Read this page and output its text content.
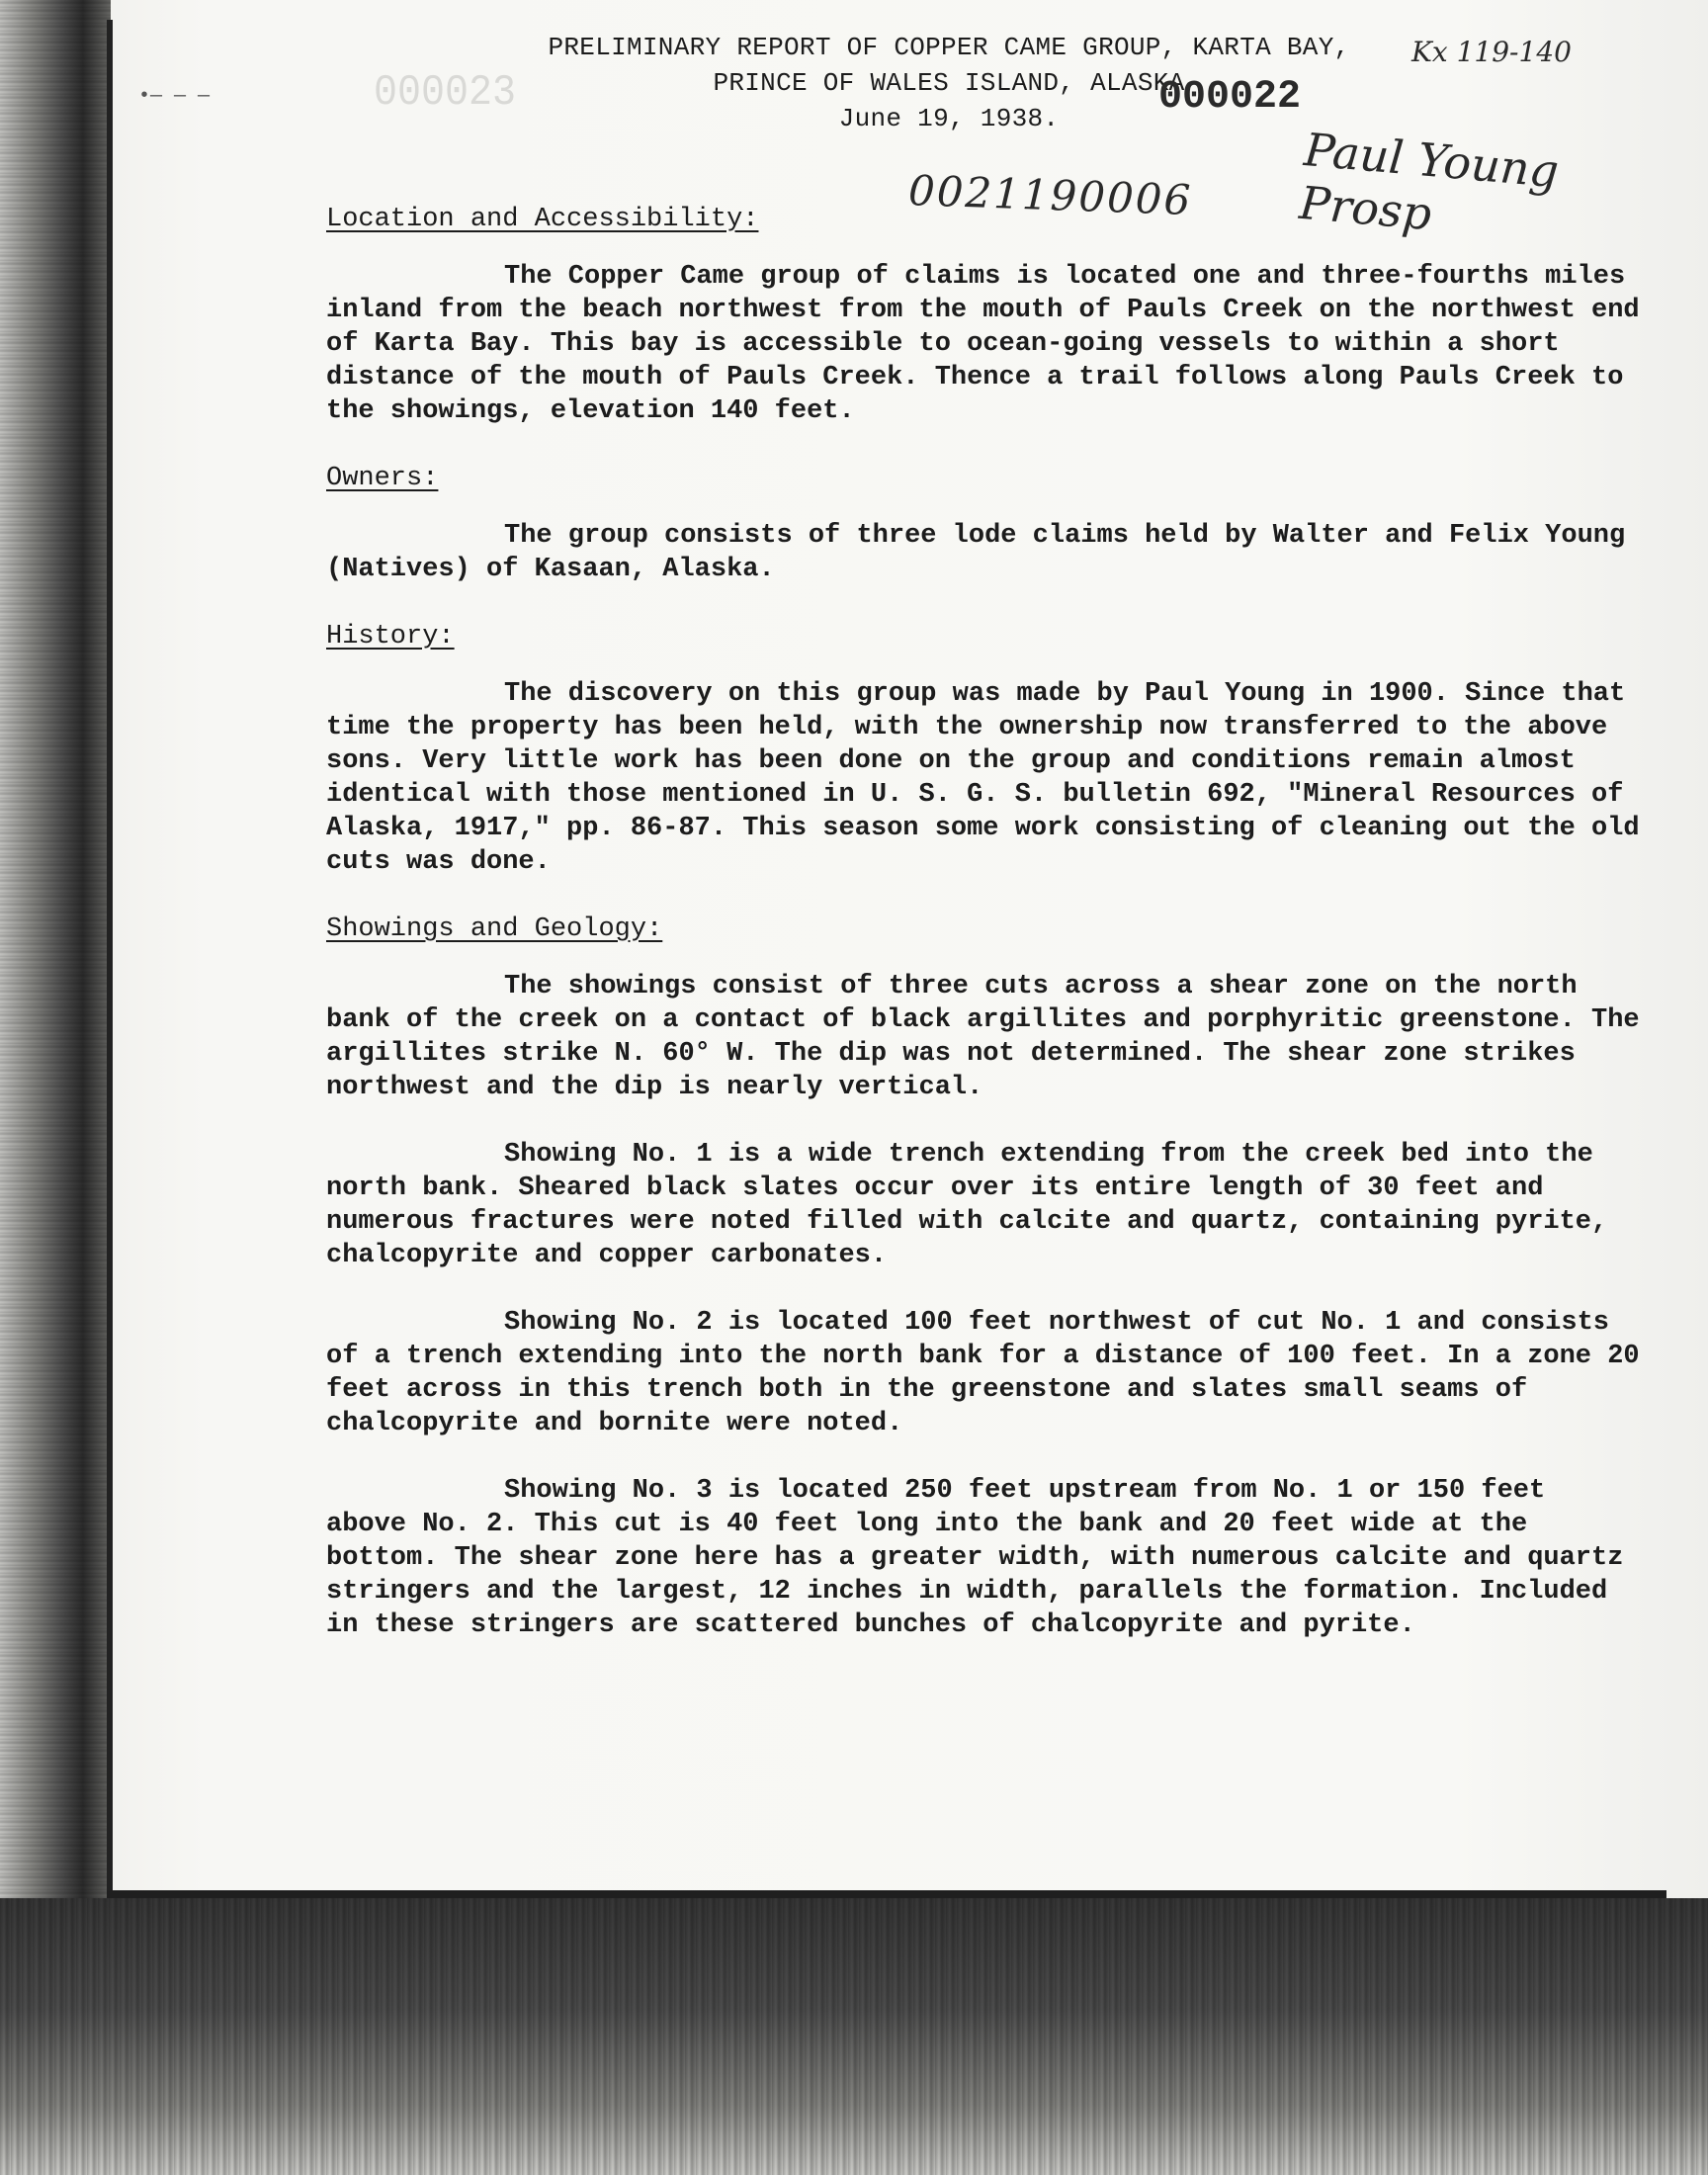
•— — —
PRELIMINARY REPORT OF COPPER CAME GROUP, KARTA BAY,
PRINCE OF WALES ISLAND, ALASKA
June 19, 1938.
000023	000022
Kx 119-140
Paul Young Prosp
0021190006
Location and Accessibility:
The Copper Came group of claims is located one and three-fourths miles inland from the beach northwest from the mouth of Pauls Creek on the northwest end of Karta Bay. This bay is accessible to ocean-going vessels to within a short distance of the mouth of Pauls Creek. Thence a trail follows along Pauls Creek to the showings, elevation 140 feet.
Owners:
The group consists of three lode claims held by Walter and Felix Young (Natives) of Kasaan, Alaska.
History:
The discovery on this group was made by Paul Young in 1900. Since that time the property has been held, with the ownership now transferred to the above sons. Very little work has been done on the group and conditions remain almost identical with those mentioned in U. S. G. S. bulletin 692, "Mineral Resources of Alaska, 1917," pp. 86-87. This season some work consisting of cleaning out the old cuts was done.
Showings and Geology:
The showings consist of three cuts across a shear zone on the north bank of the creek on a contact of black argillites and porphyritic greenstone. The argillites strike N. 60° W. The dip was not determined. The shear zone strikes northwest and the dip is nearly vertical.
Showing No. 1 is a wide trench extending from the creek bed into the north bank. Sheared black slates occur over its entire length of 30 feet and numerous fractures were noted filled with calcite and quartz, containing pyrite, chalcopyrite and copper carbonates.
Showing No. 2 is located 100 feet northwest of cut No. 1 and consists of a trench extending into the north bank for a distance of 100 feet. In a zone 20 feet across in this trench both in the greenstone and slates small seams of chalcopyrite and bornite were noted.
Showing No. 3 is located 250 feet upstream from No. 1 or 150 feet above No. 2. This cut is 40 feet long into the bank and 20 feet wide at the bottom. The shear zone here has a greater width, with numerous calcite and quartz stringers and the largest, 12 inches in width, parallels the formation. Included in these stringers are scattered bunches of chalcopyrite and pyrite.
